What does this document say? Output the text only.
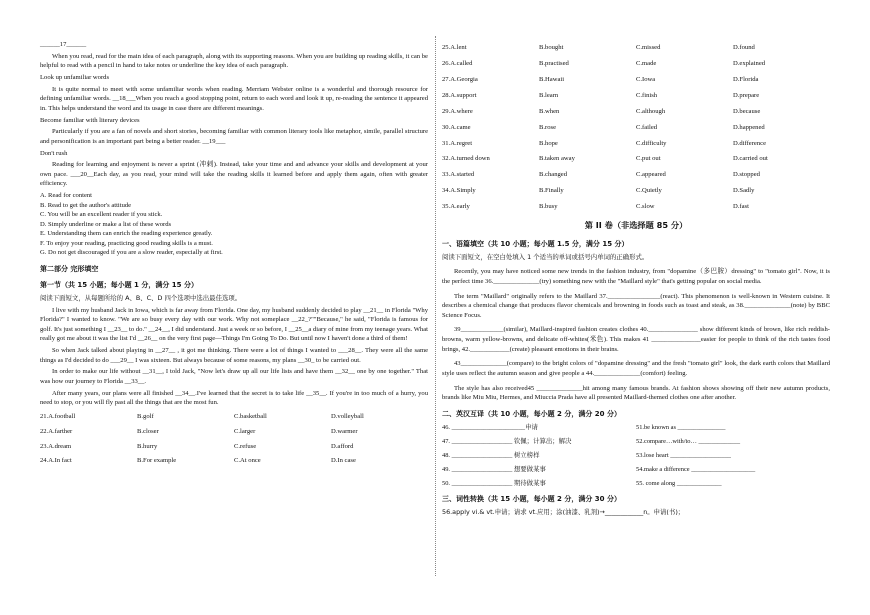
______17______

When you read, read for the main idea of each paragraph, along with its supporting reasons. When you are building up reading skills, it can be helpful to read with a pencil in hand to take notes or underline the key idea of each paragraph.

Look up unfamiliar words

It is quite normal to meet with some unfamiliar words when reading. Merriam Webster online is a wonderful and thorough resource for defining unfamiliar words. __18___When you reach a good stopping point, return to each word and look it up, re-reading the sentence it appeared in. This helps understand the word and its usage in case there are different meanings.

Become familiar with literary devices

Particularly if you are a fan of novels and short stories, becoming familiar with common literary tools like metaphor, simile, parallel structure and personification is an important part being a better reader. __19___

Don't rush

Reading for learning and enjoyment is never a sprint (冲刺). Instead, take your time and and advance your skills and development at your own pace. ___20__Each day, as you read, your mind will take the reading skills it learned before and apply them again, often with greater efficiency.

A. Read for content
B. Read to get the author's attitude
C. You will be an excellent reader if you stick.
D. Simply underline or make a list of these words
E. Understanding them can enrich the reading experience greatly.
F. To enjoy your reading, practicing good reading skills is a must.
G. Do not get discouraged if you are a slow reader, especially at first.
第二部分 完形填空
第一节（共 15 小题；每小题 1 分，满分 15 分）

阅读下面短文，从每题所给的 A、B、C、D 四个选项中选出最佳选项。

I live with my husband Jack in Iowa, which is far away from Florida. One day, my husband suddenly decided to play __21__ in Florida "Why Florida?" I wanted to know. "We are so busy every day with our work. Why not someplace __22_?""Because," he said, "Florida is famous for golf. It's just something I __23__ to do." __24__, I did understand. Just a week or so before, I __25__a diary of mine from my teenage years. What really got me about it was the list I'd __26__ on the very first page—Things I'm Going To Do. But until now I haven't done a third of them!

So when Jack talked about playing in __27__ , it got me thinking. There were a lot of things I wanted to ___28__. They were all the same things as I'd decided to do ___29__ I was sixteen. But always because of some reasons, my plans __30_ to be carried out.

In order to make our life without __31__, I told Jack, "Now let's draw up all our life lists and have them __32__ one by one together." That was how our journey to Florida __33__.

After many years, our plans were all finished __34__.I've learned that the secret is to take life __35__. If you're in too much of a hurry, you need to stop, or you will fly past all the things that are the most fun.

21.A.football	B.golf	C.basketball	D.volleyball
22.A.farther	B.closer	C.larger	D.warmer
23.A.dream	B.hurry	C.refuse	D.afford
24.A.In fact	B.For example	C.At once	D.In case
25.A.lent	B.bought	C.missed	D.found
26.A.called	B.practised	C.made	D.explained
27.A.Georgia	B.Hawaii	C.Iowa	D.Florida
28.A.support	B.learn	C.finish	D.prepare
29.A.where	B.when	C.although	D.because
30.A.came	B.rose	C.failed	D.happened
31.A.regret	B.hope	C.difficulty	D.difference
32.A.turned down	B.taken away	C.put out	D.carried out
33.A.started	B.changed	C.appeared	D.stopped
34.A.Simply	B.Finally	C.Quietly	D.Sadly
35.A.early	B.busy	C.slow	D.fast
第 II 卷（非选择题 85 分）
一、语篇填空（共 10 小题；每小题 1.5 分，满分 15 分）

阅读下面短文，在空白处填入 1 个适当的单词或括号内单词的正确形式。

Recently, you may have noticed some new trends in the fashion industry, from "dopamine（多巴胺）dressing" to "tomato girl". Now, it is the perfect time 36.______________(try) something new with the "Maillard style" that's getting popular on social media.

The term "Maillard" originally refers to the Maillard 37.________________(react). This phenomenon is well-known in Western cuisine. It describes a chemical change that produces flavor chemicals and browning in foods such as toast and steak, as 38.______________(note) by BBC Science Focus.

39_____________(similar), Maillard-inspired fashion creates clothes 40._______________ show different kinds of brown, like rich reddish-browns, warm yellow-browns, and delicate off-whites(米色). This makes 41 _______________easier for people to think of the rich tastes food brings, 42.____________(create) pleasant emotions in their brains.

43______________(compare) to the bright colors of "dopamine dressing" and the fresh "tomato girl" look, the dark earth colors that Maillard style uses reflect the autumn season and give people a 44.______________(comfort) feeling.

The style has also received45 ______________hit among many famous brands. At fashion shows showing off their new autumn products, brands like Miu Miu, Hermes, and Miuccia Prada have all presented Maillard-themed clothes one after another.

二、英汉互译（共 10 小题，每小题 2 分，满分 20 分）
46. _______________________申请	51.be known as _______________
47. ___________________ 钦佩；计算出；解决	52.compare…with/to… _____________
48. ___________________ 树立榜样	53.lose heart ___________________
49. ___________________ 想要做某事	54.make a difference ____________________
50. ___________________ 期待做某事	55. come along ______________
三、词性转换（共 15 小题，每小题 2 分，满分 30 分）

56.apply vi.& vt.申请；请求 vt.应用；涂(油漆、乳剂)→____________n。申请(书)；
